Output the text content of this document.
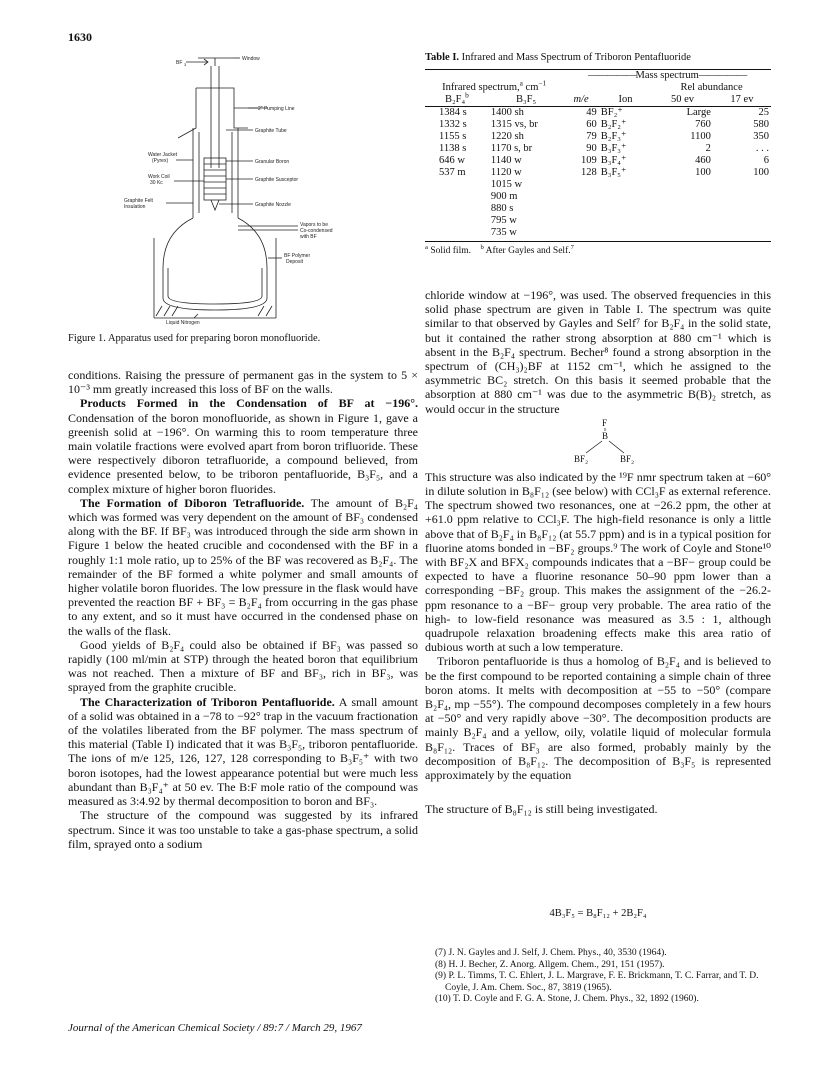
1630
BF 3
Window
2" Pumping Line
Graphite Tube
Water Jacket
(Pyrex)	Granular Boron
Work Coil
30 Kc	Graphite Susceptor
Graphite Felt
Insulation	Graphite Nozzle
Vapors to be
Co-condensed
with BF
BF Polymer
Deposit
Liquid Nitrogen
Figure 1. Apparatus used for preparing boron monofluoride.
Table I. Infrared and Mass Spectrum of Triboron Pentafluoride

		—————Mass spectrum—————			
Infrared spectrum,$^a$ $cm^{-1}$				Rel abundance	
B₂F₄$^b$	B₃F₅	m/e	Ion	50 ev	17 ev

1384 s	1400 sh	49	BF₂⁺	Large	25
1332 s	1315 vs, br	60	B₂F₂⁺	760	580
1155 s	1220 sh	79	B₂F₃⁺	1100	350
1138 s	1170 s, br	90	B₃F₃⁺	2	. . .
646 w	1140 w	109	B₃F₄⁺	460	6
537 m	1120 w	128	B₃F₅⁺	100	100
	1015 w				
	900 m				
	880 s				
	795 w				
	735 w				
$^a$ Solid film. $^b$ After Gayles and Self.$^7$

conditions. Raising the pressure of permanent gas in the system to 5 × 10⁻³ mm greatly increased this loss of BF on the walls.

Products Formed in the Condensation of BF at −196°. Condensation of the boron monofluoride, as shown in Figure 1, gave a greenish solid at −196°. On warming this to room temperature three main volatile fractions were evolved apart from boron trifluoride. These were respectively diboron tetrafluoride, a compound believed, from evidence presented below, to be triboron pentafluoride, B₃F₅, and a complex mixture of higher boron fluorides.

The Formation of Diboron Tetrafluoride. The amount of B₂F₄ which was formed was very dependent on the amount of BF₃ condensed along with the BF. If BF₃ was introduced through the side arm shown in Figure 1 below the heated crucible and cocondensed with the BF in a roughly 1:1 mole ratio, up to 25% of the BF was recovered as B₂F₄. The remainder of the BF formed a white polymer and small amounts of higher volatile boron fluorides. The low pressure in the flask would have prevented the reaction BF + BF₃ = B₂F₄ from occurring in the gas phase to any extent, and so it must have occurred in the condensed phase on the walls of the flask.

Good yields of B₂F₄ could also be obtained if BF₃ was passed so rapidly (100 ml/min at STP) through the heated boron that equilibrium was not reached. Then a mixture of BF and BF₃, rich in BF₃, was sprayed from the graphite crucible.

The Characterization of Triboron Pentafluoride. A small amount of a solid was obtained in a −78 to −92° trap in the vacuum fractionation of the volatiles liberated from the BF polymer. The mass spectrum of this material (Table I) indicated that it was B₃F₅, triboron pentafluoride. The ions of m/e 125, 126, 127, 128 corresponding to B₃F₅⁺ with two boron isotopes, had the lowest appearance potential but were much less abundant than B₃F₄⁺ at 50 ev. The B:F mole ratio of the compound was measured as 3:4.92 by thermal decomposition to boron and BF₃.

The structure of the compound was suggested by its infrared spectrum. Since it was too unstable to take a gas-phase spectrum, a solid film, sprayed onto a sodium

chloride window at −196°, was used. The observed frequencies in this solid phase spectrum are given in Table I. The spectrum was quite similar to that observed by Gayles and Self⁷ for B₂F₄ in the solid state, but it contained the rather strong absorption at 880 cm⁻¹ which is absent in the B₂F₄ spectrum. Becher⁸ found a strong absorption in the spectrum of (CH₃)₂BF at 1152 cm⁻¹, which he assigned to the asymmetric BC₂ stretch. On this basis it seemed probable that the absorption at 880 cm⁻¹ was due to the asymmetric B(B)₂ stretch, as would occur in the structure

This structure was also indicated by the ¹⁹F nmr spectrum taken at −60° in dilute solution in B₈F₁₂ (see below) with CCl₃F as external reference. The spectrum showed two resonances, one at −26.2 ppm, the other at +61.0 ppm relative to CCl₃F. The high-field resonance is only a little above that of B₂F₄ in B₈F₁₂ (at 55.7 ppm) and is in a typical position for fluorine atoms bonded in −BF₂ groups.⁹ The work of Coyle and Stone¹⁰ with BF₂X and BFX₂ compounds indicates that a −BF− group could be expected to have a fluorine resonance 50–90 ppm lower than a corresponding −BF₂ group. This makes the assignment of the −26.2-ppm resonance to a −BF− group very probable. The area ratio of the high- to low-field resonance was measured as 3.5 : 1, although quadrupole relaxation broadening effects make this area ratio of dubious worth at such a low temperature.

Triboron pentafluoride is thus a homolog of B₂F₄ and is believed to be the first compound to be reported containing a simple chain of three boron atoms. It melts with decomposition at −55 to −50° (compare B₂F₄, mp −55°). The compound decomposes completely in a few hours at −50° and very rapidly above −30°. The decomposition products are mainly B₂F₄ and a yellow, oily, volatile liquid of molecular formula B₈F₁₂. Traces of BF₃ are also formed, probably mainly by the decomposition of B₈F₁₂. The decomposition of B₃F₅ is represented approximately by the equation

The structure of B₈F₁₂ is still being investigated.

F
B
BF₂	BF₂
4B₃F₅ = B₈F₁₂ + 2B₂F₄
(7) J. N. Gayles and J. Self, J. Chem. Phys., 40, 3530 (1964).
(8) H. J. Becher, Z. Anorg. Allgem. Chem., 291, 151 (1957).
(9) P. L. Timms, T. C. Ehlert, J. L. Margrave, F. E. Brickmann, T. C. Farrar, and T. D. Coyle, J. Am. Chem. Soc., 87, 3819 (1965).
(10) T. D. Coyle and F. G. A. Stone, J. Chem. Phys., 32, 1892 (1960).
Journal of the American Chemical Society / 89:7 / March 29, 1967
